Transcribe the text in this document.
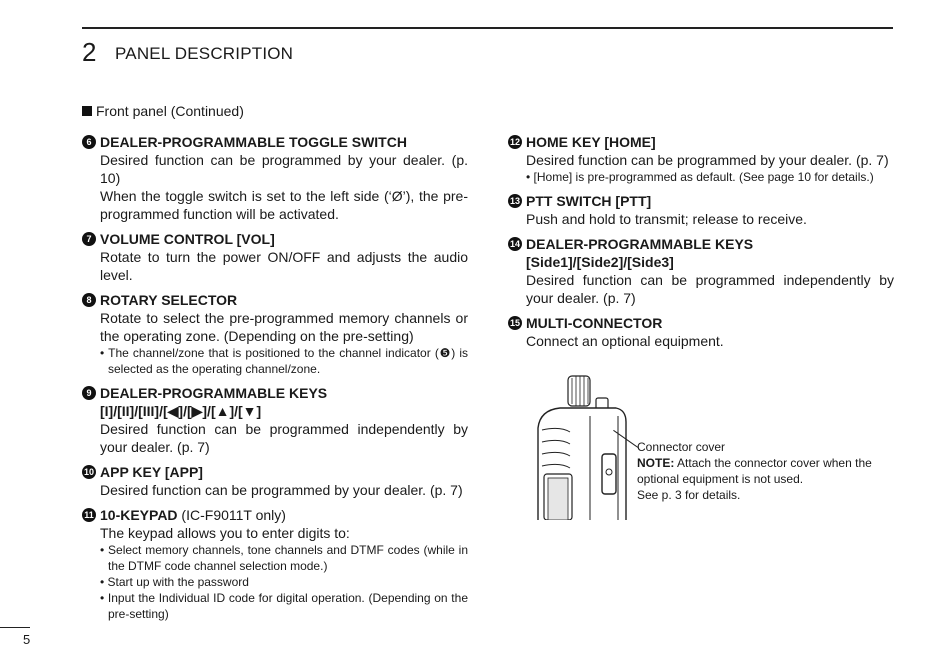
2 PANEL DESCRIPTION
Front panel (Continued)
6 DEALER-PROGRAMMABLE TOGGLE SWITCH
Desired function can be programmed by your dealer. (p. 10)
When the toggle switch is set to the left side (‘Ø’), the pre-programmed function will be activated.
7 VOLUME CONTROL [VOL]
Rotate to turn the power ON/OFF and adjusts the audio level.
8 ROTARY SELECTOR
Rotate to select the pre-programmed memory channels or the operating zone. (Depending on the pre-setting)
• The channel/zone that is positioned to the channel indicator (❺) is selected as the operating channel/zone.
9 DEALER-PROGRAMMABLE KEYS
[I]/[II]/[III]/[◀]/[▶]/[▲]/[▼]
Desired function can be programmed independently by your dealer. (p. 7)
10 APP KEY [APP]
Desired function can be programmed by your dealer. (p. 7)
11 10-KEYPAD (IC-F9011T only)
The keypad allows you to enter digits to:
• Select memory channels, tone channels and DTMF codes (while in the DTMF code channel selection mode.)
• Start up with the password
• Input the Individual ID code for digital operation. (Depending on the pre-setting)
12 HOME KEY [HOME]
Desired function can be programmed by your dealer. (p. 7)
• [Home] is pre-programmed as default. (See page 10 for details.)
13 PTT SWITCH [PTT]
Push and hold to transmit; release to receive.
14 DEALER-PROGRAMMABLE KEYS
[Side1]/[Side2]/[Side3]
Desired function can be programmed independently by your dealer. (p. 7)
15 MULTI-CONNECTOR
Connect an optional equipment.
Connector cover
NOTE: Attach the connector cover when the optional equipment is not used.
See p. 3 for details.
5
